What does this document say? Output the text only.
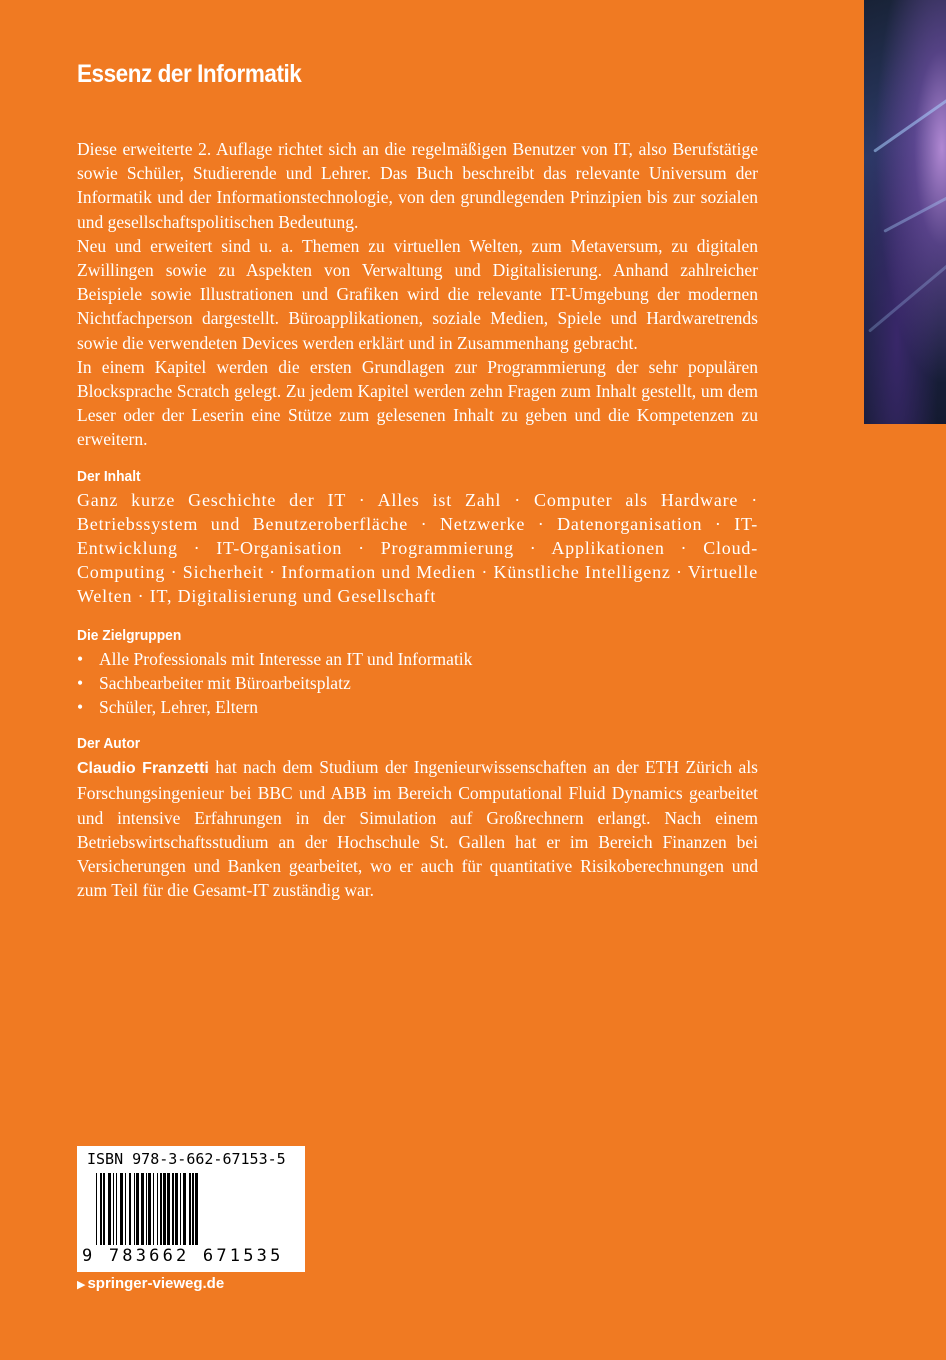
Essenz der Informatik

Diese erweiterte 2. Auflage richtet sich an die regelmäßigen Benutzer von IT, also Berufstätige sowie Schüler, Studierende und Lehrer. Das Buch beschreibt das relevante Universum der Informatik und der Informationstechnologie, von den grundlegenden Prinzipien bis zur sozialen und gesellschaftspolitischen Bedeutung.

Neu und erweitert sind u. a. Themen zu virtuellen Welten, zum Metaversum, zu digitalen Zwillingen sowie zu Aspekten von Verwaltung und Digitalisierung. Anhand zahlreicher Beispiele sowie Illustrationen und Grafiken wird die relevante IT-Umgebung der modernen Nichtfachperson dargestellt. Büroapplikationen, soziale Medien, Spiele und Hardwaretrends sowie die verwendeten Devices werden erklärt und in Zusammenhang gebracht.

In einem Kapitel werden die ersten Grundlagen zur Programmierung der sehr populären Blocksprache Scratch gelegt. Zu jedem Kapitel werden zehn Fragen zum Inhalt gestellt, um dem Leser oder der Leserin eine Stütze zum gelesenen Inhalt zu geben und die Kompetenzen zu erweitern.

Der Inhalt

Ganz kurze Geschichte der IT · Alles ist Zahl · Computer als Hardware · Betriebssystem und Benutzeroberfläche · Netzwerke · Datenorganisation · IT-Entwicklung · IT-Organisation · Programmierung · Applikationen · Cloud-Computing · Sicherheit · Information und Medien · Künstliche Intelligenz · Virtuelle Welten · IT, Digitalisierung und Gesellschaft

Die Zielgruppen
• Alle Professionals mit Interesse an IT und Informatik
• Sachbearbeiter mit Büroarbeitsplatz
• Schüler, Lehrer, Eltern
Der Autor

Claudio Franzetti hat nach dem Studium der Ingenieurwissenschaften an der ETH Zürich als Forschungsingenieur bei BBC und ABB im Bereich Computational Fluid Dynamics gearbeitet und intensive Erfahrungen in der Simulation auf Großrechnern erlangt. Nach einem Betriebswirtschaftsstudium an der Hochschule St. Gallen hat er im Bereich Finanzen bei Versicherungen und Banken gearbeitet, wo er auch für quantitative Risikoberechnungen und zum Teil für die Gesamt-IT zuständig war.

ISBN 978-3-662-67153-5
9 783662 671535
▶ springer-vieweg.de
